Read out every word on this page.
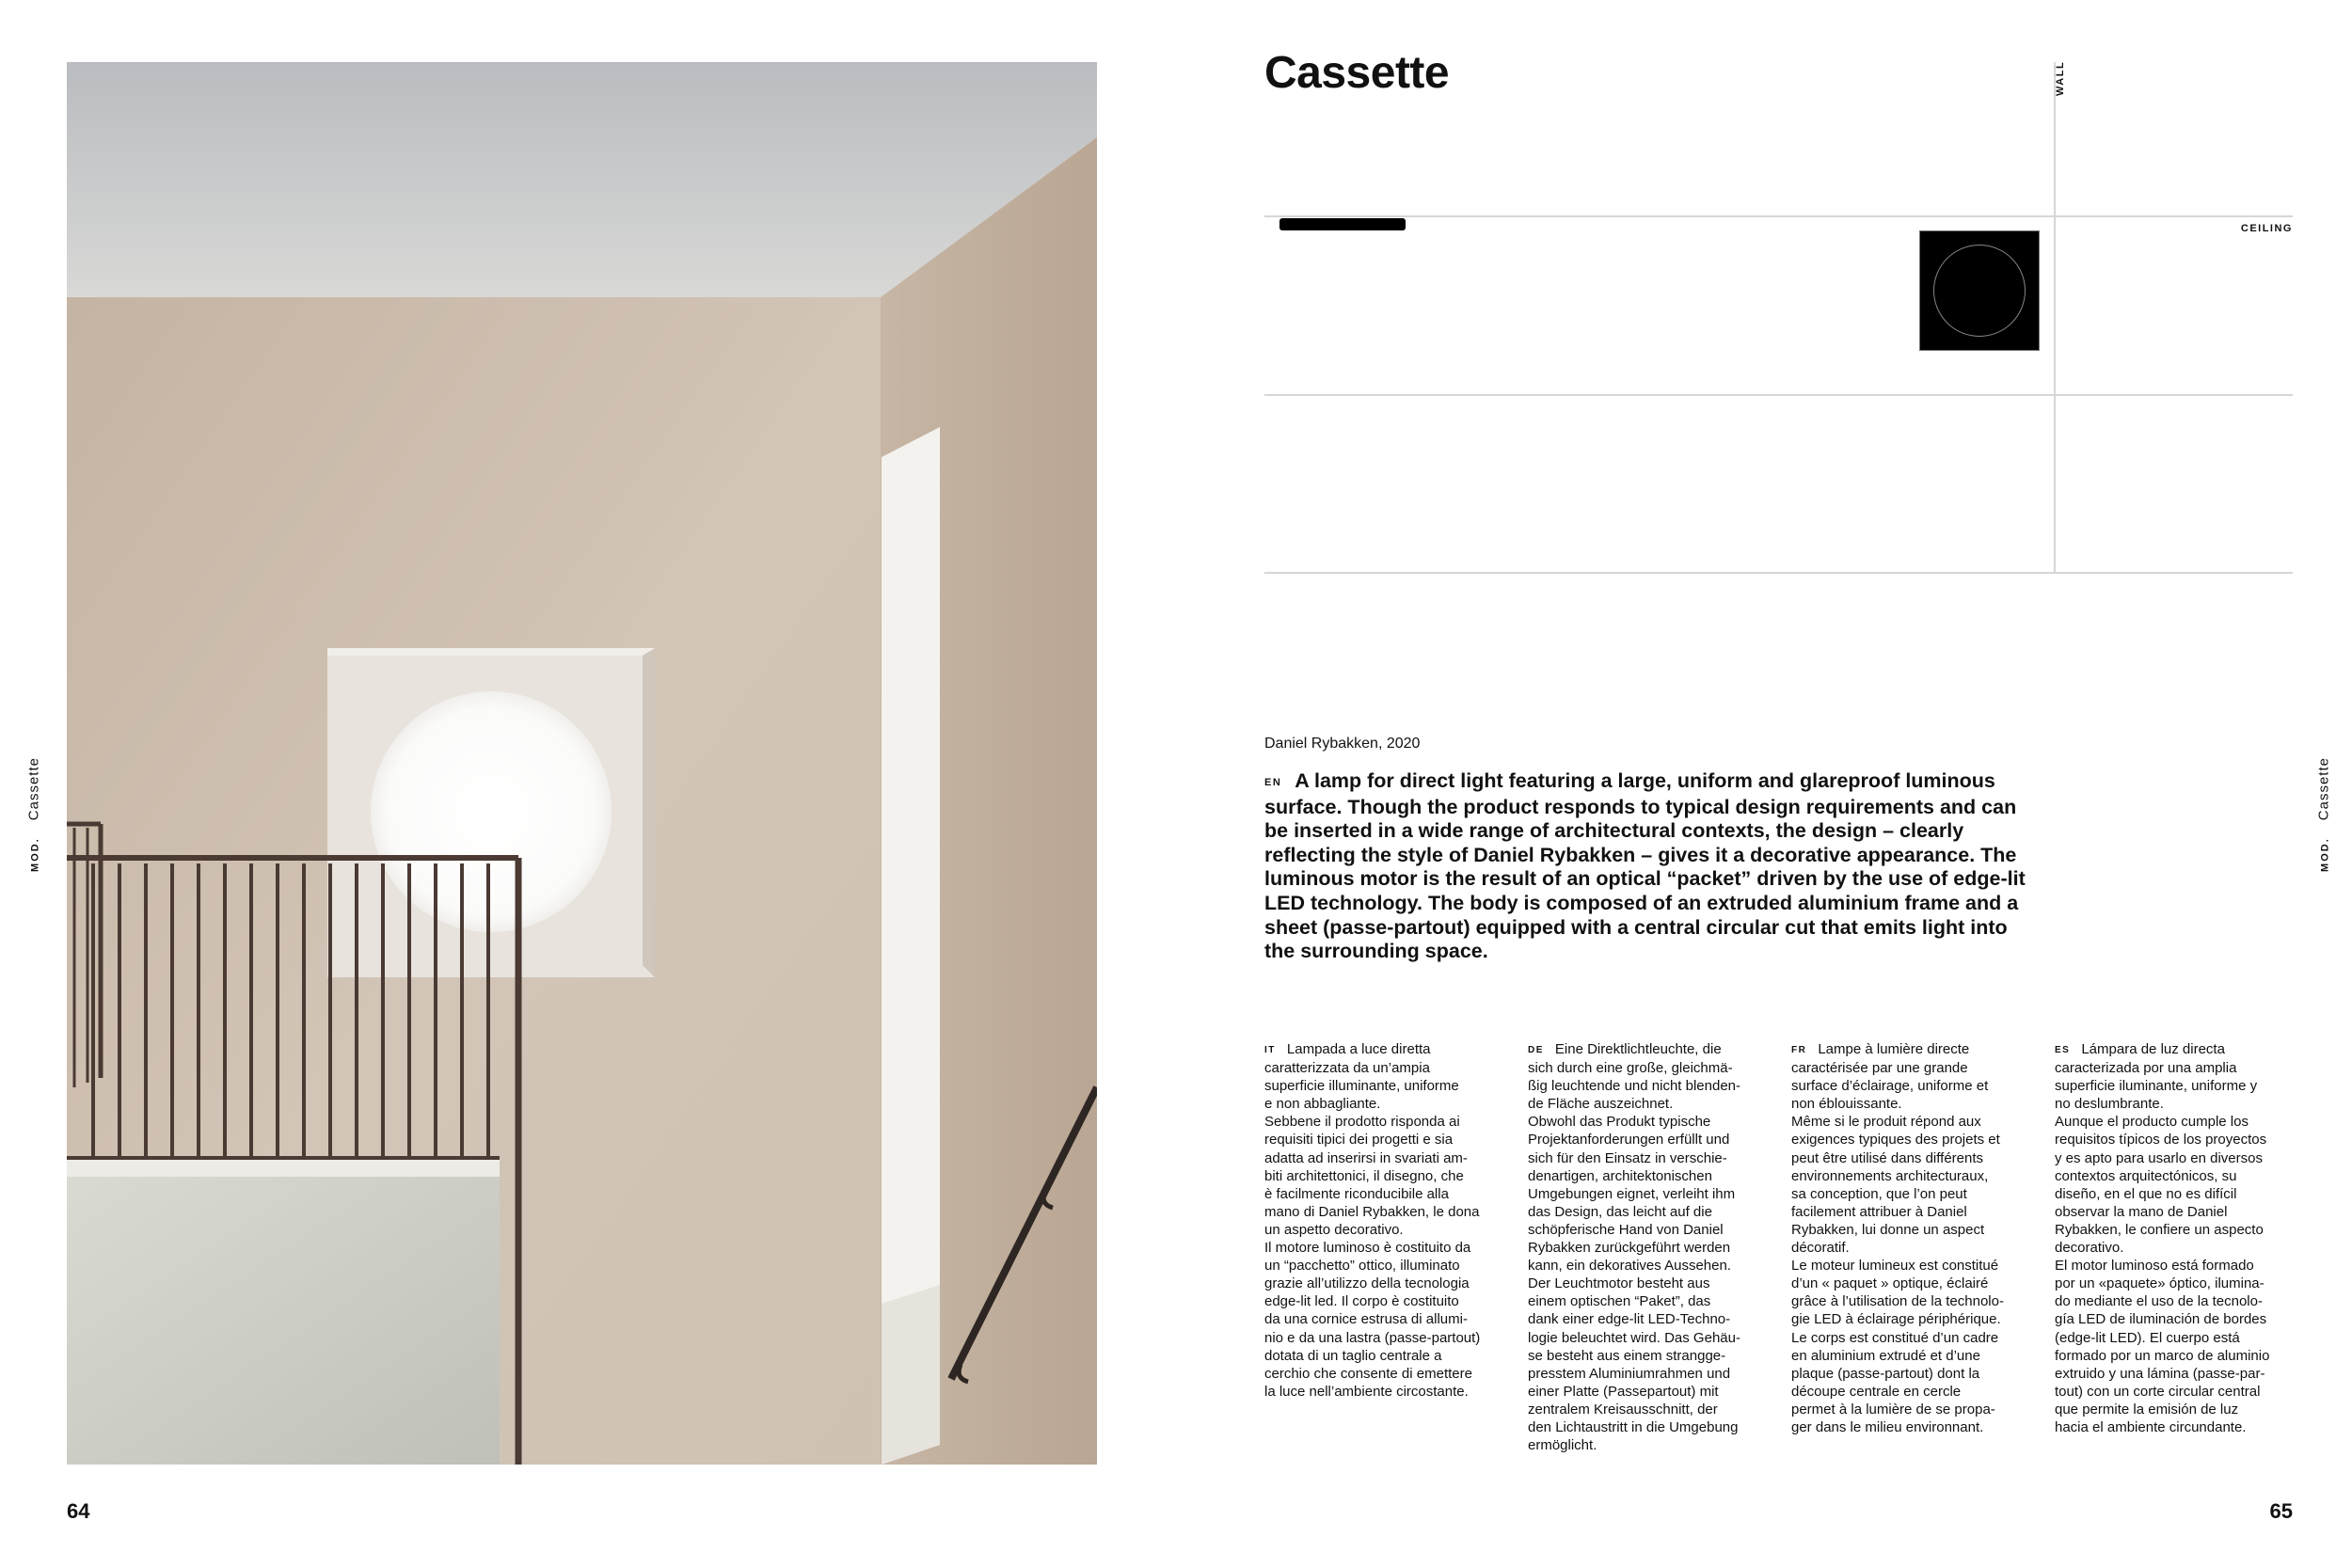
MOD.Cassette
64
Cassette	WALL
CEILING
Daniel Rybakken, 2020
EN A lamp for direct light featuring a large, uniform and glareproof luminous surface. Though the product responds to typical design requirements and can be inserted in a wide range of architectural contexts, the design – clearly reflecting the style of Daniel Rybakken – gives it a decorative appearance. The luminous motor is the result of an optical “packet” driven by the use of edge-lit LED technology. The body is composed of an extruded aluminium frame and a sheet (passe-partout) equipped with a central circular cut that emits light into the surrounding space.

IT Lampada a luce diretta
caratterizzata da un’ampia
superficie illuminante, uniforme
e non abbagliante.
Sebbene il prodotto risponda ai
requisiti tipici dei progetti e sia
adatta ad inserirsi in svariati am-
biti architettonici, il disegno, che
è facilmente riconducibile alla
mano di Daniel Rybakken, le dona
un aspetto decorativo.
Il motore luminoso è costituito da
un “pacchetto” ottico, illuminato
grazie all’utilizzo della tecnologia
edge-lit led. Il corpo è costituito
da una cornice estrusa di allumi-
nio e da una lastra (passe-partout)
dotata di un taglio centrale a
cerchio che consente di emettere
la luce nell’ambiente circostante.

DE Eine Direktlichtleuchte, die
sich durch eine große, gleichmä-
ßig leuchtende und nicht blenden-
de Fläche auszeichnet.
Obwohl das Produkt typische
Projektanforderungen erfüllt und
sich für den Einsatz in verschie-
denartigen, architektonischen
Umgebungen eignet, verleiht ihm
das Design, das leicht auf die
schöpferische Hand von Daniel
Rybakken zurückgeführt werden
kann, ein dekoratives Aussehen.
Der Leuchtmotor besteht aus
einem optischen “Paket”, das
dank einer edge-lit LED-Techno-
logie beleuchtet wird. Das Gehäu-
se besteht aus einem strangge-
presstem Aluminiumrahmen und
einer Platte (Passepartout) mit
zentralem Kreisausschnitt, der
den Lichtaustritt in die Umgebung
ermöglicht.

FR Lampe à lumière directe
caractérisée par une grande
surface d’éclairage, uniforme et
non éblouissante.
Même si le produit répond aux
exigences typiques des projets et
peut être utilisé dans différents
environnements architecturaux,
sa conception, que l’on peut
facilement attribuer à Daniel
Rybakken, lui donne un aspect
décoratif.
Le moteur lumineux est constitué
d’un « paquet » optique, éclairé
grâce à l’utilisation de la technolo-
gie LED à éclairage périphérique.
Le corps est constitué d’un cadre
en aluminium extrudé et d’une
plaque (passe-partout) dont la
découpe centrale en cercle
permet à la lumière de se propa-
ger dans le milieu environnant.

ES Lámpara de luz directa
caracterizada por una amplia
superficie iluminante, uniforme y
no deslumbrante.
Aunque el producto cumple los
requisitos típicos de los proyectos
y es apto para usarlo en diversos
contextos arquitectónicos, su
diseño, en el que no es difícil
observar la mano de Daniel
Rybakken, le confiere un aspecto
decorativo.
El motor luminoso está formado
por un «paquete» óptico, ilumina-
do mediante el uso de la tecnolo-
gía LED de iluminación de bordes
(edge-lit LED). El cuerpo está
formado por un marco de aluminio
extruido y una lámina (passe-par-
tout) con un corte circular central
que permite la emisión de luz
hacia el ambiente circundante.

MOD.Cassette
65
